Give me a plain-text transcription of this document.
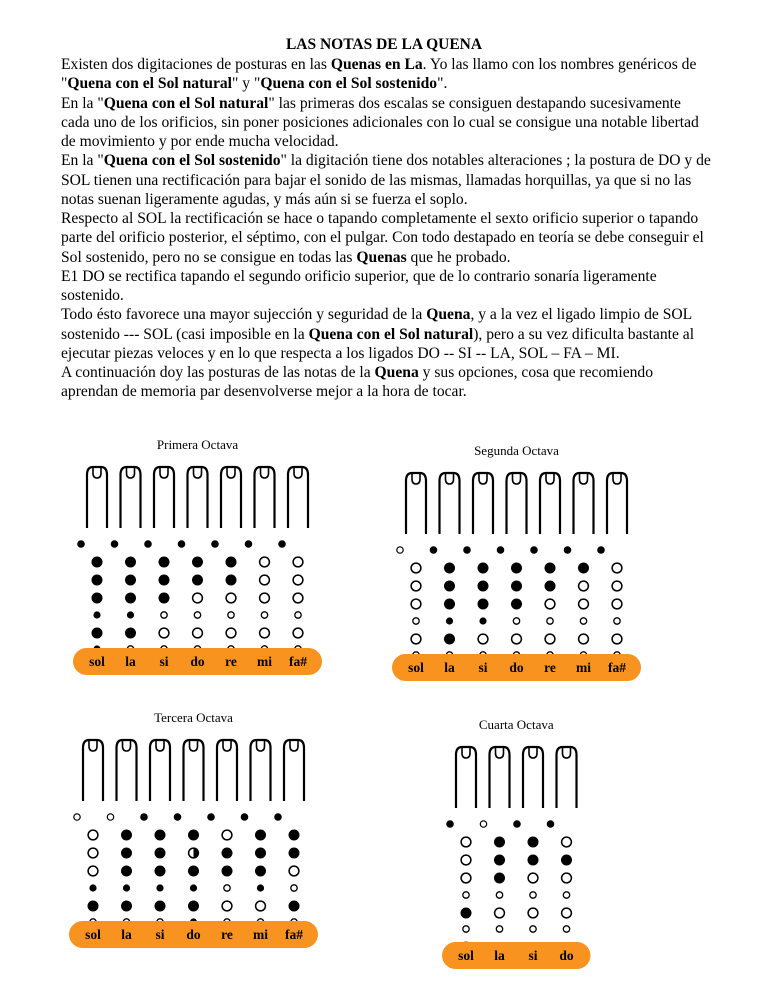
LAS NOTAS DE LA QUENA

Existen dos digitaciones de posturas en las Quenas en La. Yo las llamo con los nombres genéricos de "Quena con el Sol natural" y "Quena con el Sol sostenido".

En la "Quena con el Sol natural" las primeras dos escalas se consiguen destapando sucesivamente cada uno de los orificios, sin poner posiciones adicionales con lo cual se consigue una notable libertad de movimiento y por ende mucha velocidad.

En la "Quena con el Sol sostenido" la digitación tiene dos notables alteraciones ; la postura de DO y de SOL tienen una rectificación para bajar el sonido de las mismas, llamadas horquillas, ya que si no las notas suenan ligeramente agudas, y más aún si se fuerza el soplo.

Respecto al SOL la rectificación se hace o tapando completamente el sexto orificio superior o tapando parte del orificio posterior, el séptimo, con el pulgar. Con todo destapado en teoría se debe conseguir el Sol sostenido, pero no se consigue en todas las Quenas que he probado.

E1 DO se rectifica tapando el segundo orificio superior, que de lo contrario sonaría ligeramente sostenido.

Todo ésto favorece una mayor sujección y seguridad de la Quena, y a la vez el ligado limpio de SOL sostenido --- SOL (casi imposible en la Quena con el Sol natural), pero a su vez dificulta bastante al ejecutar piezas veloces y en lo que respecta a los ligados DO -- SI -- LA, SOL – FA – MI.

A continuación doy las posturas de las notas de la Quena y sus opciones, cosa que recomiendo aprendan de memoria par desenvolverse mejor a la hora de tocar.

Primera Octava
sol la si do re mi fa#
Segunda Octava
sol la si do re mi fa#
Tercera Octava
sol la si do re mi fa#
Cuarta Octava
sol la si do
